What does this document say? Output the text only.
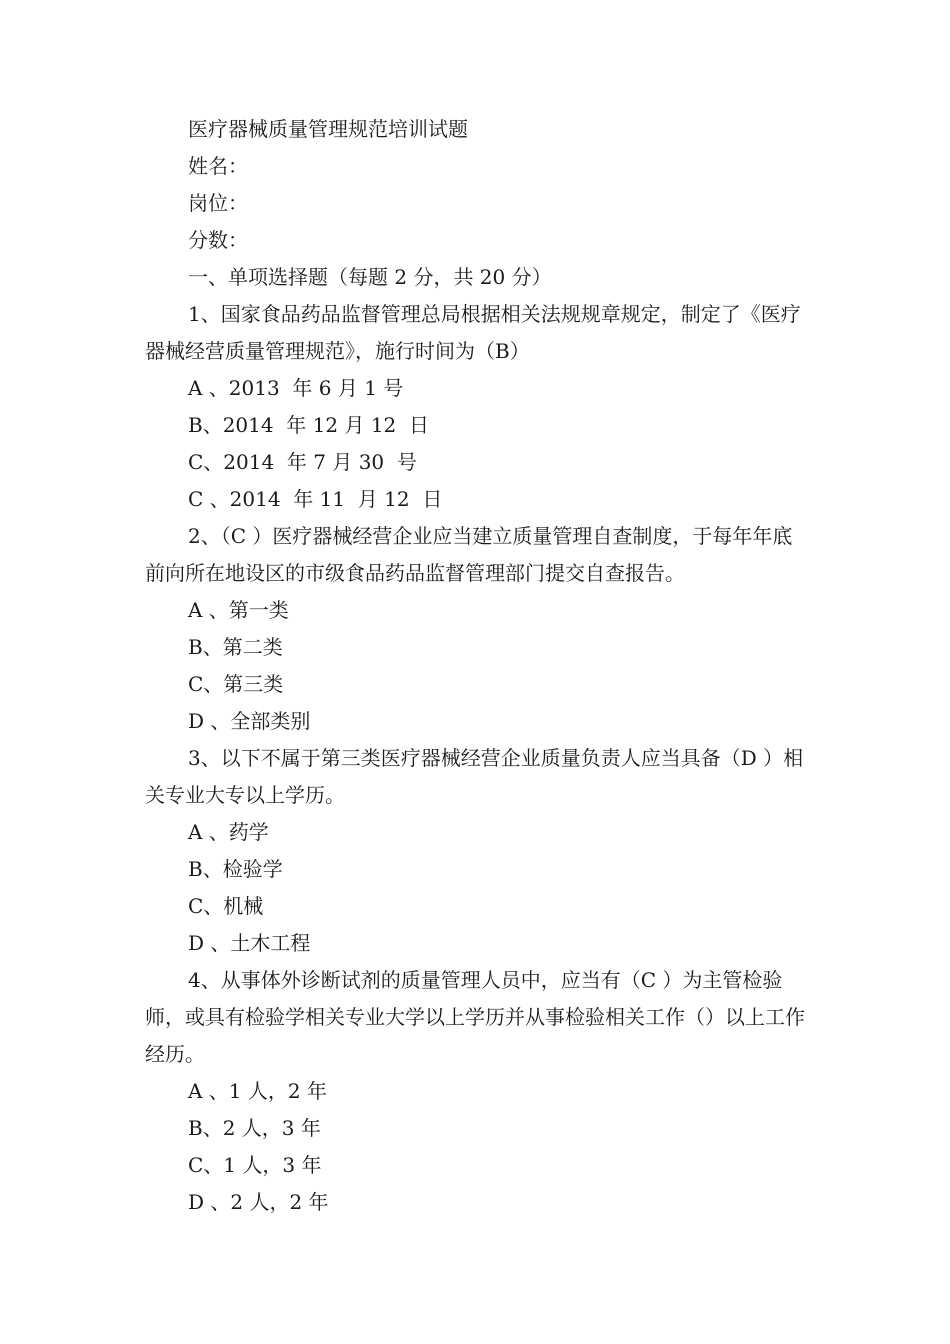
医疗器械质量管理规范培训试题
姓名：
岗位：
分数：
一、单项选择题（每题 2 分，共 20 分）
1、国家食品药品监督管理总局根据相关法规规章规定，制定了《医疗器械经营质量管理规范》，施行时间为（B）
A 、2013  年 6 月 1 号
B、2014  年 12 月 12  日
C、2014  年 7 月 30  号
C 、2014  年 11  月 12  日
2、（C ）医疗器械经营企业应当建立质量管理自查制度，于每年年底前向所在地设区的市级食品药品监督管理部门提交自查报告。
A 、第一类
B、第二类
C、第三类
D 、全部类别
3、以下不属于第三类医疗器械经营企业质量负责人应当具备（D ）相关专业大专以上学历。
A 、药学
B、检验学
C、机械
D 、土木工程
4、从事体外诊断试剂的质量管理人员中，应当有（C ）为主管检验师，或具有检验学相关专业大学以上学历并从事检验相关工作（）以上工作经历。
A 、1 人，2 年
B、2 人，3 年
C、1 人，3 年
D 、2 人，2 年
